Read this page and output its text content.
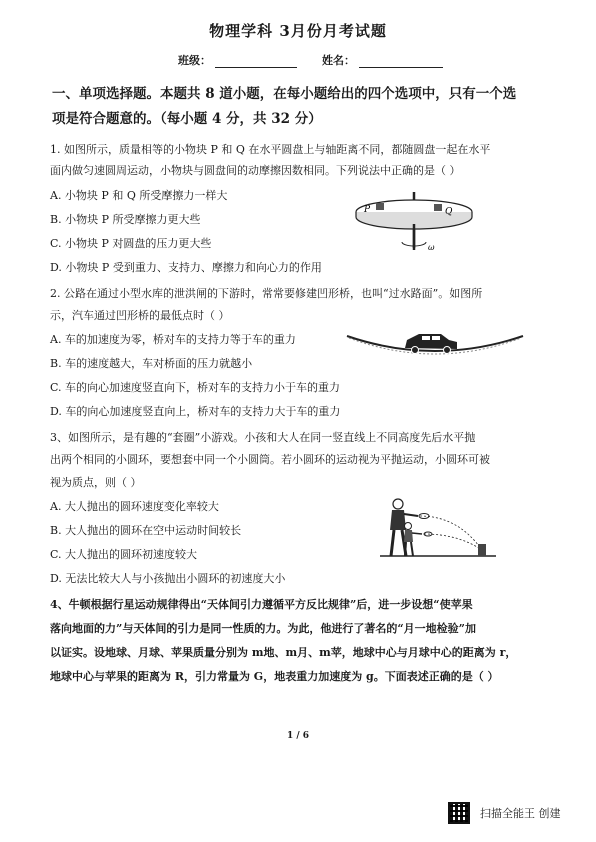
物理学科 3月份月考试题
班级：	姓名：
一、单项选择题。本题共 8 道小题，在每小题给出的四个选项中，只有一个选
项是符合题意的。（每小题 4 分，共 32 分）
1. 如图所示，质量相等的小物块 P 和 Q 在水平圆盘上与轴距离不同，都随圆盘一起在水平
面内做匀速圆周运动，小物块与圆盘间的动摩擦因数相同。下列说法中正确的是（ ）
A. 小物块 P 和 Q 所受摩擦力一样大
B. 小物块 P 所受摩擦力更大些
C. 小物块 P 对圆盘的压力更大些
D. 小物块 P 受到重力、支持力、摩擦力和向心力的作用
P	Q
ω
2. 公路在通过小型水库的泄洪闸的下游时，常常要修建凹形桥，也叫“过水路面”。如图所
示，汽车通过凹形桥的最低点时（ ）
A. 车的加速度为零，桥对车的支持力等于车的重力
B. 车的速度越大，车对桥面的压力就越小
C. 车的向心加速度竖直向下，桥对车的支持力小于车的重力
D. 车的向心加速度竖直向上，桥对车的支持力大于车的重力
3、如图所示，是有趣的“套圈”小游戏。小孩和大人在同一竖直线上不同高度先后水平抛
出两个相同的小圆环，要想套中同一个小圆筒。若小圆环的运动视为平抛运动，小圆环可被
视为质点，则（ ）
A. 大人抛出的圆环速度变化率较大
B. 大人抛出的圆环在空中运动时间较长
C. 大人抛出的圆环初速度较大
D. 无法比较大人与小孩抛出小圆环的初速度大小
4、牛顿根据行星运动规律得出“天体间引力遵循平方反比规律”后，进一步设想“使苹果
落向地面的力”与天体间的引力是同一性质的力。为此，他进行了著名的“月一地检验”加
以证实。设地球、月球、苹果质量分别为 m地、m月、m苹，地球中心与月球中心的距离为 r，
地球中心与苹果的距离为 R，引力常量为 G，地表重力加速度为 g。下面表述正确的是（ ）
1 / 6
扫描全能王 创建
